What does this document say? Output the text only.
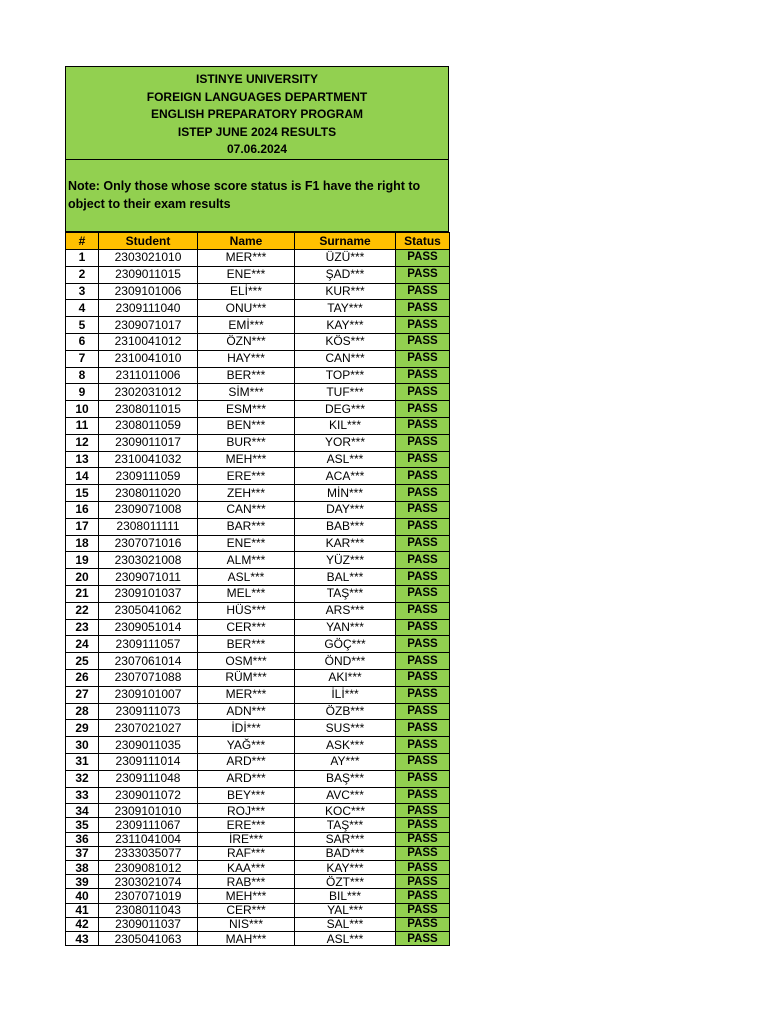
ISTINYE UNIVERSITY
FOREIGN LANGUAGES DEPARTMENT
ENGLISH PREPARATORY PROGRAM
ISTEP JUNE 2024 RESULTS
07.06.2024
Note: Only those whose score status is F1 have the right to object to their exam results
#	Student	Name	Surname	Status
1	2303021010	MER***	ÜZÜ***	PASS
2	2309011015	ENE***	ŞAD***	PASS
3	2309101006	ELİ***	KUR***	PASS
4	2309111040	ONU***	TAY***	PASS
5	2309071017	EMİ***	KAY***	PASS
6	2310041012	ÖZN***	KÖS***	PASS
7	2310041010	HAY***	CAN***	PASS
8	2311011006	BER***	TOP***	PASS
9	2302031012	SİM***	TUF***	PASS
10	2308011015	ESM***	DEG***	PASS
11	2308011059	BEN***	KIL***	PASS
12	2309011017	BUR***	YOR***	PASS
13	2310041032	MEH***	ASL***	PASS
14	2309111059	ERE***	ACA***	PASS
15	2308011020	ZEH***	MİN***	PASS
16	2309071008	CAN***	DAY***	PASS
17	2308011111	BAR***	BAB***	PASS
18	2307071016	ENE***	KAR***	PASS
19	2303021008	ALM***	YÜZ***	PASS
20	2309071011	ASL***	BAL***	PASS
21	2309101037	MEL***	TAŞ***	PASS
22	2305041062	HÜS***	ARS***	PASS
23	2309051014	CER***	YAN***	PASS
24	2309111057	BER***	GÖÇ***	PASS
25	2307061014	OSM***	ÖND***	PASS
26	2307071088	RÜM***	AKI***	PASS
27	2309101007	MER***	İLİ***	PASS
28	2309111073	ADN***	ÖZB***	PASS
29	2307021027	İDİ***	SUS***	PASS
30	2309011035	YAĞ***	ASK***	PASS
31	2309111014	ARD***	AY***	PASS
32	2309111048	ARD***	BAŞ***	PASS
33	2309011072	BEY***	AVC***	PASS
34	2309101010	ROJ***	KOC***	PASS
35	2309111067	ERE***	TAŞ***	PASS
36	2311041004	İRE***	SAR***	PASS
37	2333035077	RAF***	BAD***	PASS
38	2309081012	KAA***	KAY***	PASS
39	2303021074	RAB***	ÖZT***	PASS
40	2307071019	MEH***	BIL***	PASS
41	2308011043	CER***	YAL***	PASS
42	2309011037	NIS***	SAL***	PASS
43	2305041063	MAH***	ASL***	PASS
